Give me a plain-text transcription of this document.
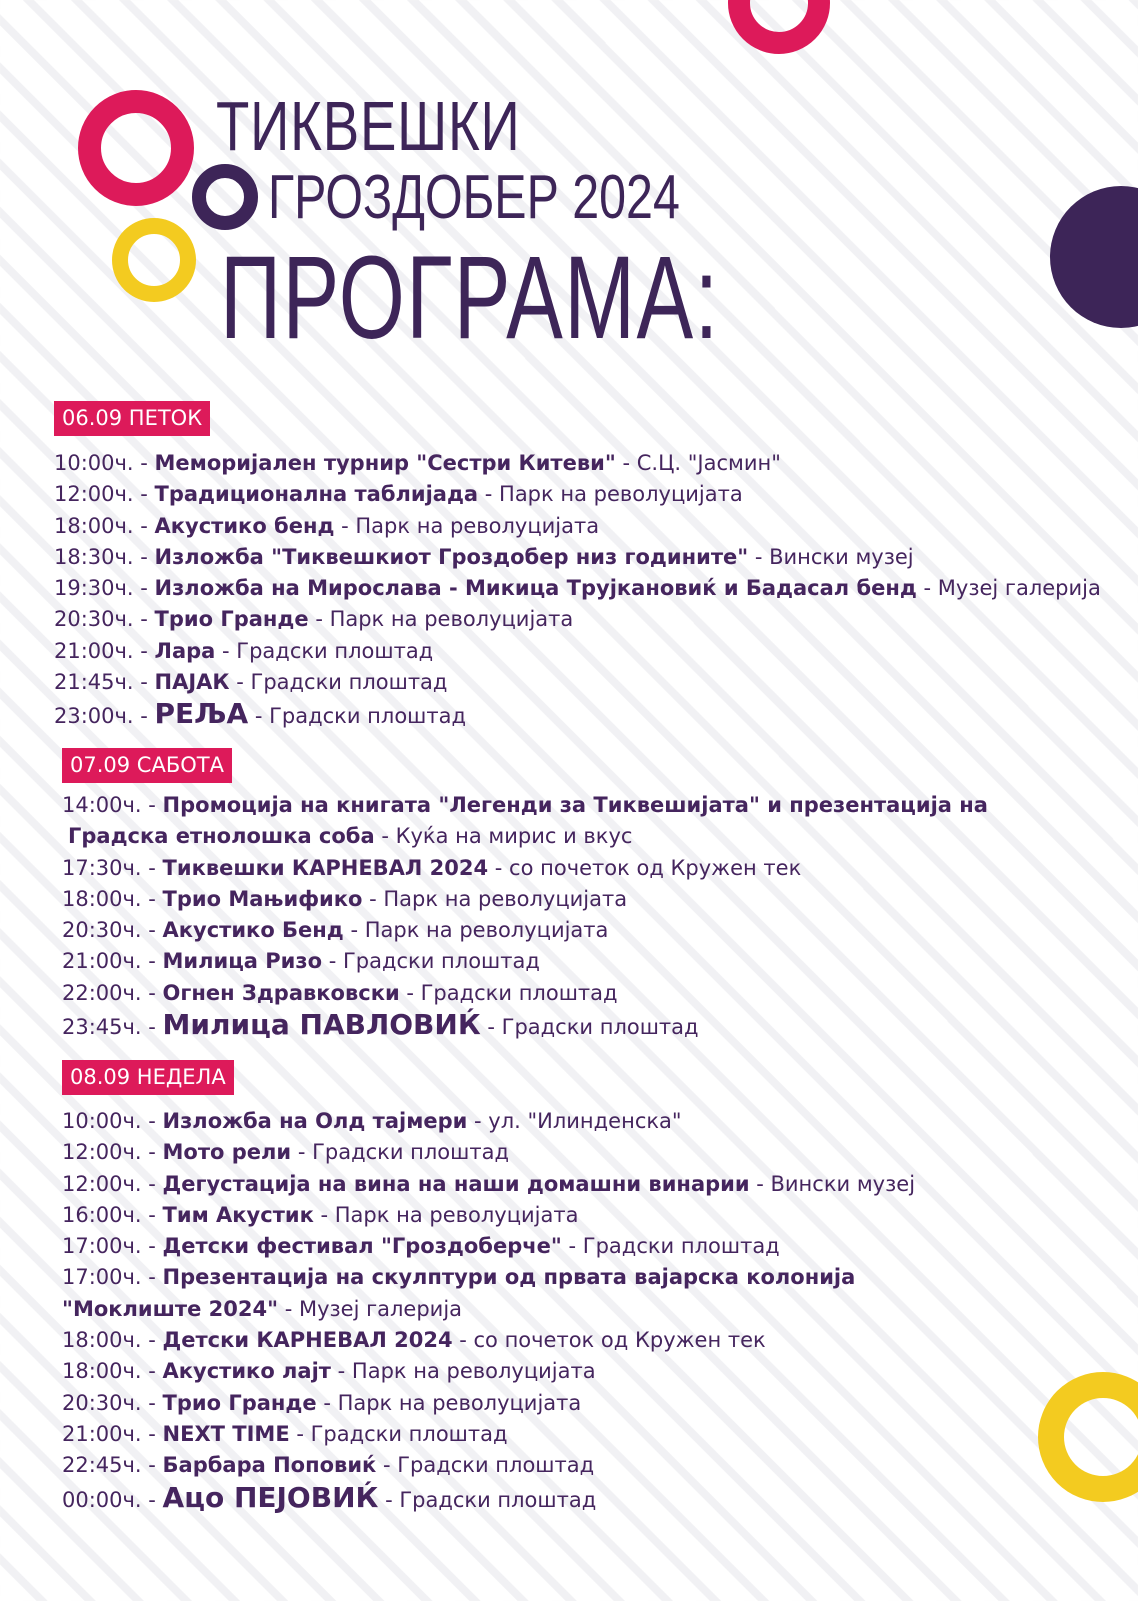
ТИКВЕШКИ
ГРОЗДОБЕР 2024
ПРОГРАМА:
06.09 ПЕТОК
10:00ч. - Меморијален турнир "Сестри Китеви" - С.Ц. "Јасмин"
12:00ч. - Традиционална таблијада - Парк на револуцијата
18:00ч. - Акустико бенд - Парк на револуцијата
18:30ч. - Изложба "Тиквешкиот Гроздобер низ годините" - Вински музеј
19:30ч. - Изложба на Мирослава - Микица Трујкановиќ и Бадасал бенд - Музеј галерија
20:30ч. - Трио Гранде - Парк на револуцијата
21:00ч. - Лара - Градски плоштад
21:45ч. - ПАЈАК - Градски плоштад
23:00ч. - РЕЉА - Градски плоштад
07.09 САБОТА
14:00ч. - Промоција на книгата "Легенди за Тиквешијата" и презентација на
Градска етнолошка соба - Куќа на мирис и вкус
17:30ч. - Тиквешки КАРНЕВАЛ 2024 - со почеток од Кружен тек
18:00ч. - Трио Мањифико - Парк на револуцијата
20:30ч. - Акустико Бенд - Парк на револуцијата
21:00ч. - Милица Ризо - Градски плоштад
22:00ч. - Огнен Здравковски - Градски плоштад
23:45ч. - Милица ПАВЛОВИЌ - Градски плоштад
08.09 НЕДЕЛА
10:00ч. - Изложба на Олд тајмери - ул. "Илинденска"
12:00ч. - Мото рели - Градски плоштад
12:00ч. - Дегустација на вина на наши домашни винарии - Вински музеј
16:00ч. - Тим Акустик - Парк на револуцијата
17:00ч. - Детски фестивал "Гроздоберче" - Градски плоштад
17:00ч. - Презентација на скулптури од првата вајарска колонија
"Моклиште 2024" - Музеј галерија
18:00ч. - Детски КАРНЕВАЛ 2024 - со почеток од Кружен тек
18:00ч. - Акустико лајт - Парк на револуцијата
20:30ч. - Трио Гранде - Парк на револуцијата
21:00ч. - NEXT TIME - Градски плоштад
22:45ч. - Барбара Поповиќ - Градски плоштад
00:00ч. - Ацо ПЕЈОВИЌ - Градски плоштад
